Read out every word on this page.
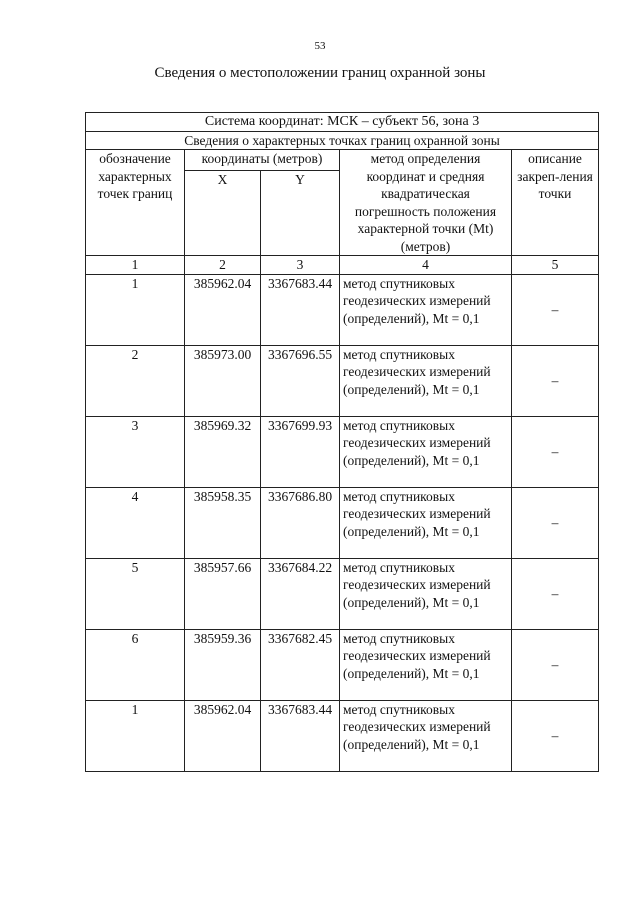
53
Сведения о местоположении границ охранной зоны
Система координат: МСК – субъект 56, зона 3				
Сведения о характерных точках границ охранной зоны				
обозначение характерных точек границ	координаты (метров)		метод определения координат и средняя квадратическая погрешность положения характерной точки (Mt) (метров)	описание закреп-ления точки
	X	Y		
1	2	3	4	5
1	385962.04	3367683.44	метод спутниковых геодезических измерений (определений), Mt = 0,1	–
2	385973.00	3367696.55	метод спутниковых геодезических измерений (определений), Mt = 0,1	–
3	385969.32	3367699.93	метод спутниковых геодезических измерений (определений), Mt = 0,1	–
4	385958.35	3367686.80	метод спутниковых геодезических измерений (определений), Mt = 0,1	–
5	385957.66	3367684.22	метод спутниковых геодезических измерений (определений), Mt = 0,1	–
6	385959.36	3367682.45	метод спутниковых геодезических измерений (определений), Mt = 0,1	–
1	385962.04	3367683.44	метод спутниковых геодезических измерений (определений), Mt = 0,1	–
